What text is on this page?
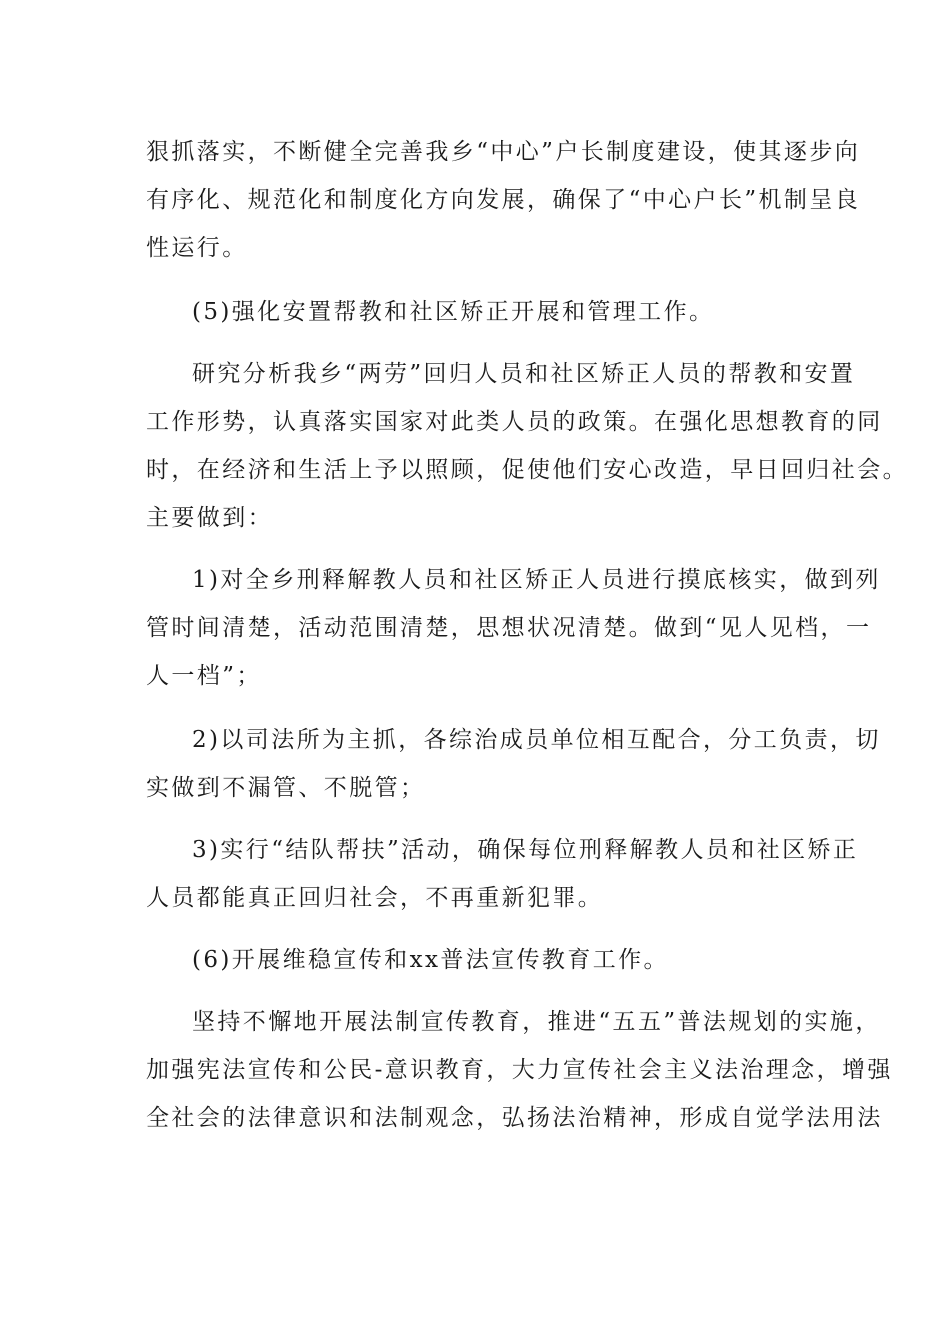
狠抓落实，不断健全完善我乡“中心”户长制度建设，使其逐步向
有序化、规范化和制度化方向发展，确保了“中心户长”机制呈良
性运行。
(5)强化安置帮教和社区矫正开展和管理工作。
研究分析我乡“两劳”回归人员和社区矫正人员的帮教和安置
工作形势，认真落实国家对此类人员的政策。在强化思想教育的同
时，在经济和生活上予以照顾，促使他们安心改造，早日回归社会。
主要做到：
1)对全乡刑释解教人员和社区矫正人员进行摸底核实，做到列
管时间清楚，活动范围清楚，思想状况清楚。做到“见人见档，一
人一档”；
2)以司法所为主抓，各综治成员单位相互配合，分工负责，切
实做到不漏管、不脱管；
3)实行“结队帮扶”活动，确保每位刑释解教人员和社区矫正
人员都能真正回归社会，不再重新犯罪。
(6)开展维稳宣传和xx普法宣传教育工作。
坚持不懈地开展法制宣传教育，推进“五五”普法规划的实施，
加强宪法宣传和公民-意识教育，大力宣传社会主义法治理念，增强
全社会的法律意识和法制观念，弘扬法治精神，形成自觉学法用法
